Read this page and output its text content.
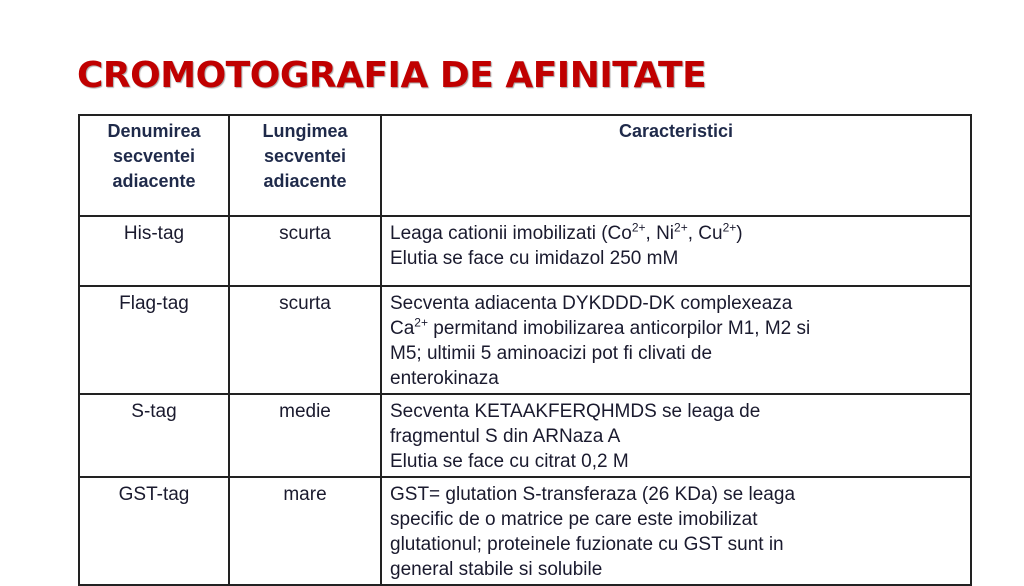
CROMOTOGRAFIA DE AFINITATE
Denumirea
secventei
adiacente	Lungimea
secventei
adiacente	Caracteristici

His-tag	scurta	Leaga cationii imobilizati ($Co^{2+}$, $Ni^{2+}$, $Cu^{2+}$)
Elutia se face cu imidazol 250 mM

Flag-tag	scurta	Secventa adiacenta DYKDDD-DK complexeaza
$Ca^{2+}$ permitand imobilizarea anticorpilor M1, M2 si
M5; ultimii 5 aminoacizi pot fi clivati de
enterokinaza

S-tag	medie	Secventa KETAAKFERQHMDS se leaga de
fragmentul S din ARNaza A
Elutia se face cu citrat 0,2 M

GST-tag	mare	GST= glutation S-transferaza (26 KDa) se leaga
specific de o matrice pe care este imobilizat
glutationul; proteinele fuzionate cu GST sunt in
general stabile si solubile
